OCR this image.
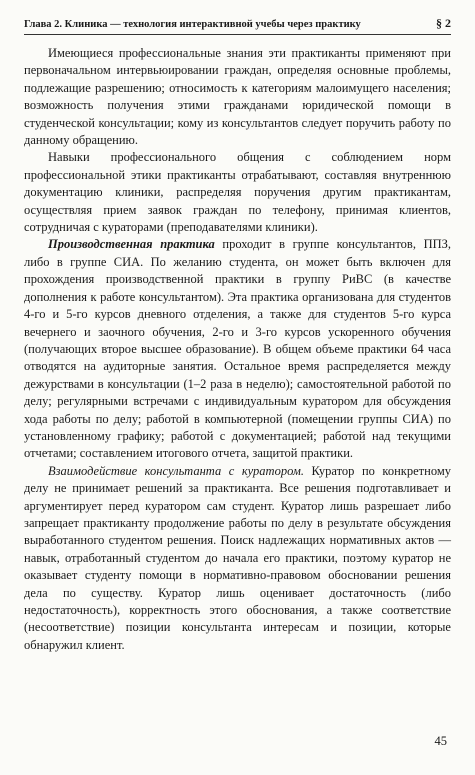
Глава 2. Клиника — технология интерактивной учебы через практику	§ 2

Имеющиеся профессиональные знания эти практиканты применяют при первоначальном интервьюировании граждан, определяя основные проблемы, подлежащие разрешению; относимость к категориям малоимущего населения; возможность получения этими гражданами юридической помощи в студенческой консультации; кому из консультантов следует поручить работу по данному обращению.

Навыки профессионального общения с соблюдением норм профессиональной этики практиканты отрабатывают, составляя внутреннюю документацию клиники, распределяя поручения другим практикантам, осуществляя прием заявок граждан по телефону, принимая клиентов, сотрудничая с кураторами (преподавателями клиники).

Производственная практика проходит в группе консультантов, ППЗ, либо в группе СИА. По желанию студента, он может быть включен для прохождения производственной практики в группу РиВС (в качестве дополнения к работе консультантом). Эта практика организована для студентов 4-го и 5-го курсов дневного отделения, а также для студентов 5-го курса вечернего и заочного обучения, 2-го и 3-го курсов ускоренного обучения (получающих второе высшее образование). В общем объеме практики 64 часа отводятся на аудиторные занятия. Остальное время распределяется между дежурствами в консультации (1–2 раза в неделю); самостоятельной работой по делу; регулярными встречами с индивидуальным куратором для обсуждения хода работы по делу; работой в компьютерной (помещении группы СИА) по установленному графику; работой с документацией; работой над текущими отчетами; составлением итогового отчета, защитой практики.

Взаимодействие консультанта с куратором. Куратор по конкретному делу не принимает решений за практиканта. Все решения подготавливает и аргументирует перед куратором сам студент. Куратор лишь разрешает либо запрещает практиканту продолжение работы по делу в результате обсуждения выработанного студентом решения. Поиск надлежащих нормативных актов — навык, отработанный студентом до начала его практики, поэтому куратор не оказывает студенту помощи в нормативно-правовом обосновании решения дела по существу. Куратор лишь оценивает достаточность (либо недостаточность), корректность этого обоснования, а также соответствие (несоответствие) позиции консультанта интересам и позиции, которые обнаружил клиент.

45
